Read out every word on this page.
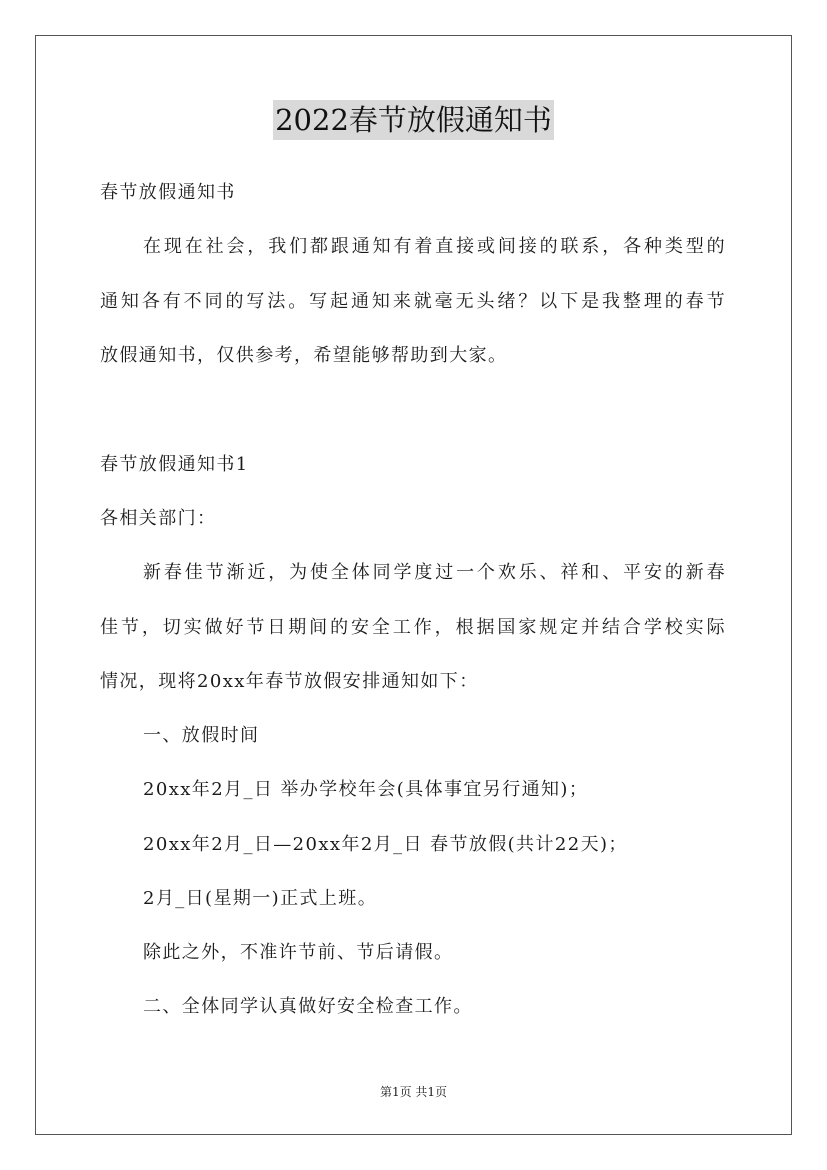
2022春节放假通知书
春节放假通知书
在现在社会，我们都跟通知有着直接或间接的联系，各种类型的
通知各有不同的写法。写起通知来就毫无头绪？以下是我整理的春节
放假通知书，仅供参考，希望能够帮助到大家。
春节放假通知书1
各相关部门：
新春佳节渐近，为使全体同学度过一个欢乐、祥和、平安的新春
佳节，切实做好节日期间的安全工作，根据国家规定并结合学校实际
情况，现将20xx年春节放假安排通知如下：
一、放假时间
20xx年2月_日 举办学校年会(具体事宜另行通知)；
20xx年2月_日—20xx年2月_日 春节放假(共计22天)；
2月_日(星期一)正式上班。
除此之外，不准许节前、节后请假。
二、全体同学认真做好安全检查工作。
第1页 共1页
